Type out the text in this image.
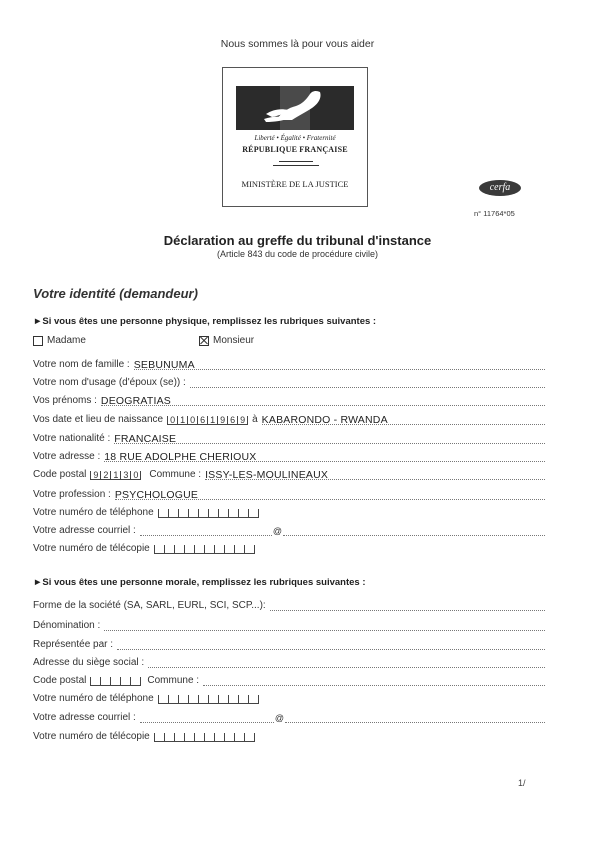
Nous sommes là pour vous aider
Liberté • Égalité • Fraternité
RÉPUBLIQUE FRANÇAISE
MINISTÈRE DE LA JUSTICE	cerfa
n° 11764*05
Déclaration au greffe du tribunal d'instance
(Article 843 du code de procédure civile)
Votre identité (demandeur)
►Si vous êtes une personne physique, remplissez les rubriques suivantes :
Madame	Monsieur
Votre nom de famille : SEBUNUMA
Votre nom d'usage (d'époux (se)) :
Vos prénoms : DEOGRATIAS
Vos date et lieu de naissance 0 1 0 6 1 9 6 9 à KABARONDO - RWANDA
Votre nationalité : FRANCAISE
Votre adresse : 18 RUE ADOLPHE CHERIOUX
Code postal 9 2 1 3 0	Commune : ISSY-LES-MOULINEAUX
Votre profession : PSYCHOLOGUE
Votre numéro de téléphone
Votre adresse courriel :	@
Votre numéro de télécopie
►Si vous êtes une personne morale, remplissez les rubriques suivantes :
Forme de la société (SA, SARL, EURL, SCI, SCP...):
Dénomination :
Représentée par :
Adresse du siège social :
Code postal	Commune :
Votre numéro de téléphone
Votre adresse courriel :	@
Votre numéro de télécopie
1/
